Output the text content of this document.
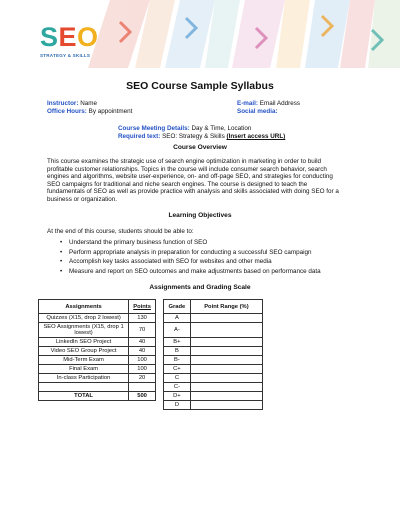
SEO
STRATEGY & SKILLS
SEO Course Sample Syllabus
Instructor: Name
Office Hours: By appointment
E-mail: Email Address
Social media:
Course Meeting Details: Day & Time, Location
Required text: SEO: Strategy & Skills (Insert access URL)
Course Overview
This course examines the strategic use of search engine optimization in marketing in order to build
profitable customer relationships. Topics in the course will include consumer search behavior, search
engines and algorithms, website user-experience, on- and off-page SEO, and strategies for conducting
SEO campaigns for traditional and niche search engines. The course is designed to teach the
fundamentals of SEO as well as provide practice with analysis and skills associated with doing SEO for a
business or organization.
Learning Objectives
At the end of this course, students should be able to:
• Understand the primary business function of SEO
• Perform appropriate analysis in preparation for conducting a successful SEO campaign
• Accomplish key tasks associated with SEO for websites and other media
• Measure and report on SEO outcomes and make adjustments based on performance data
Assignments and Grading Scale
Assignments	Points
Quizzes (X15, drop 2 lowest)	130
SEO Assignments (X15, drop 1 lowest)	70
LinkedIn SEO Project	40
Video SEO Group Project	40
Mid-Term Exam	100
Final Exam	100
In-class Participation	20

TOTAL	500
Grade	Point Range (%)
A	
A-	
B+	
B	
B-	
C+	
C	
C-	
D+	
D	
